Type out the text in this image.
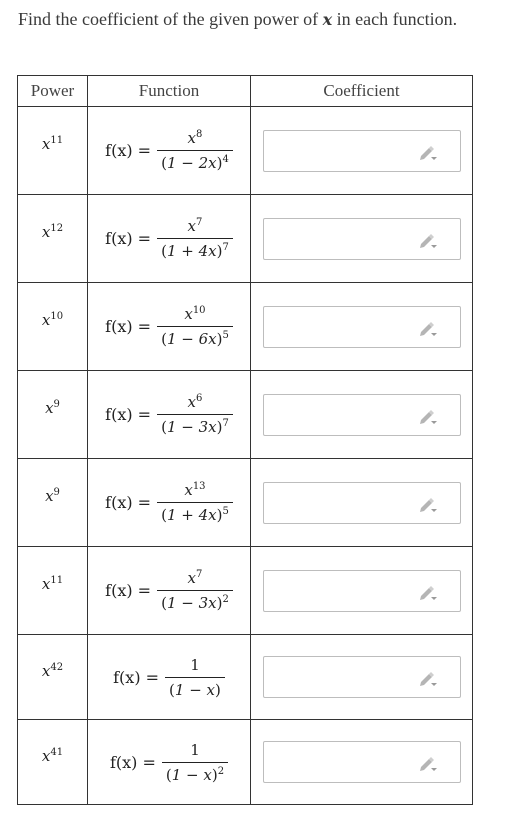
Find the coefficient of the given power of x in each function.
Power	Function	Coefficient
$x^{11}$	$f(x) = \frac{x^8}{(1 - 2x)^4}$

$x^{12}$	$f(x) = \frac{x^7}{(1 + 4x)^7}$

$x^{10}$	$f(x) = \frac{x^{10}}{(1 - 6x)^5}$

$x^9$	$f(x) = \frac{x^6}{(1 - 3x)^7}$

$x^9$	$f(x) = \frac{x^{13}}{(1 + 4x)^5}$

$x^{11}$	$f(x) = \frac{x^7}{(1 - 3x)^2}$

$x^{42}$	$f(x) = \frac{1}{(1 - x)}$

$x^{41}$	$f(x) = \frac{1}{(1 - x)^2}$
